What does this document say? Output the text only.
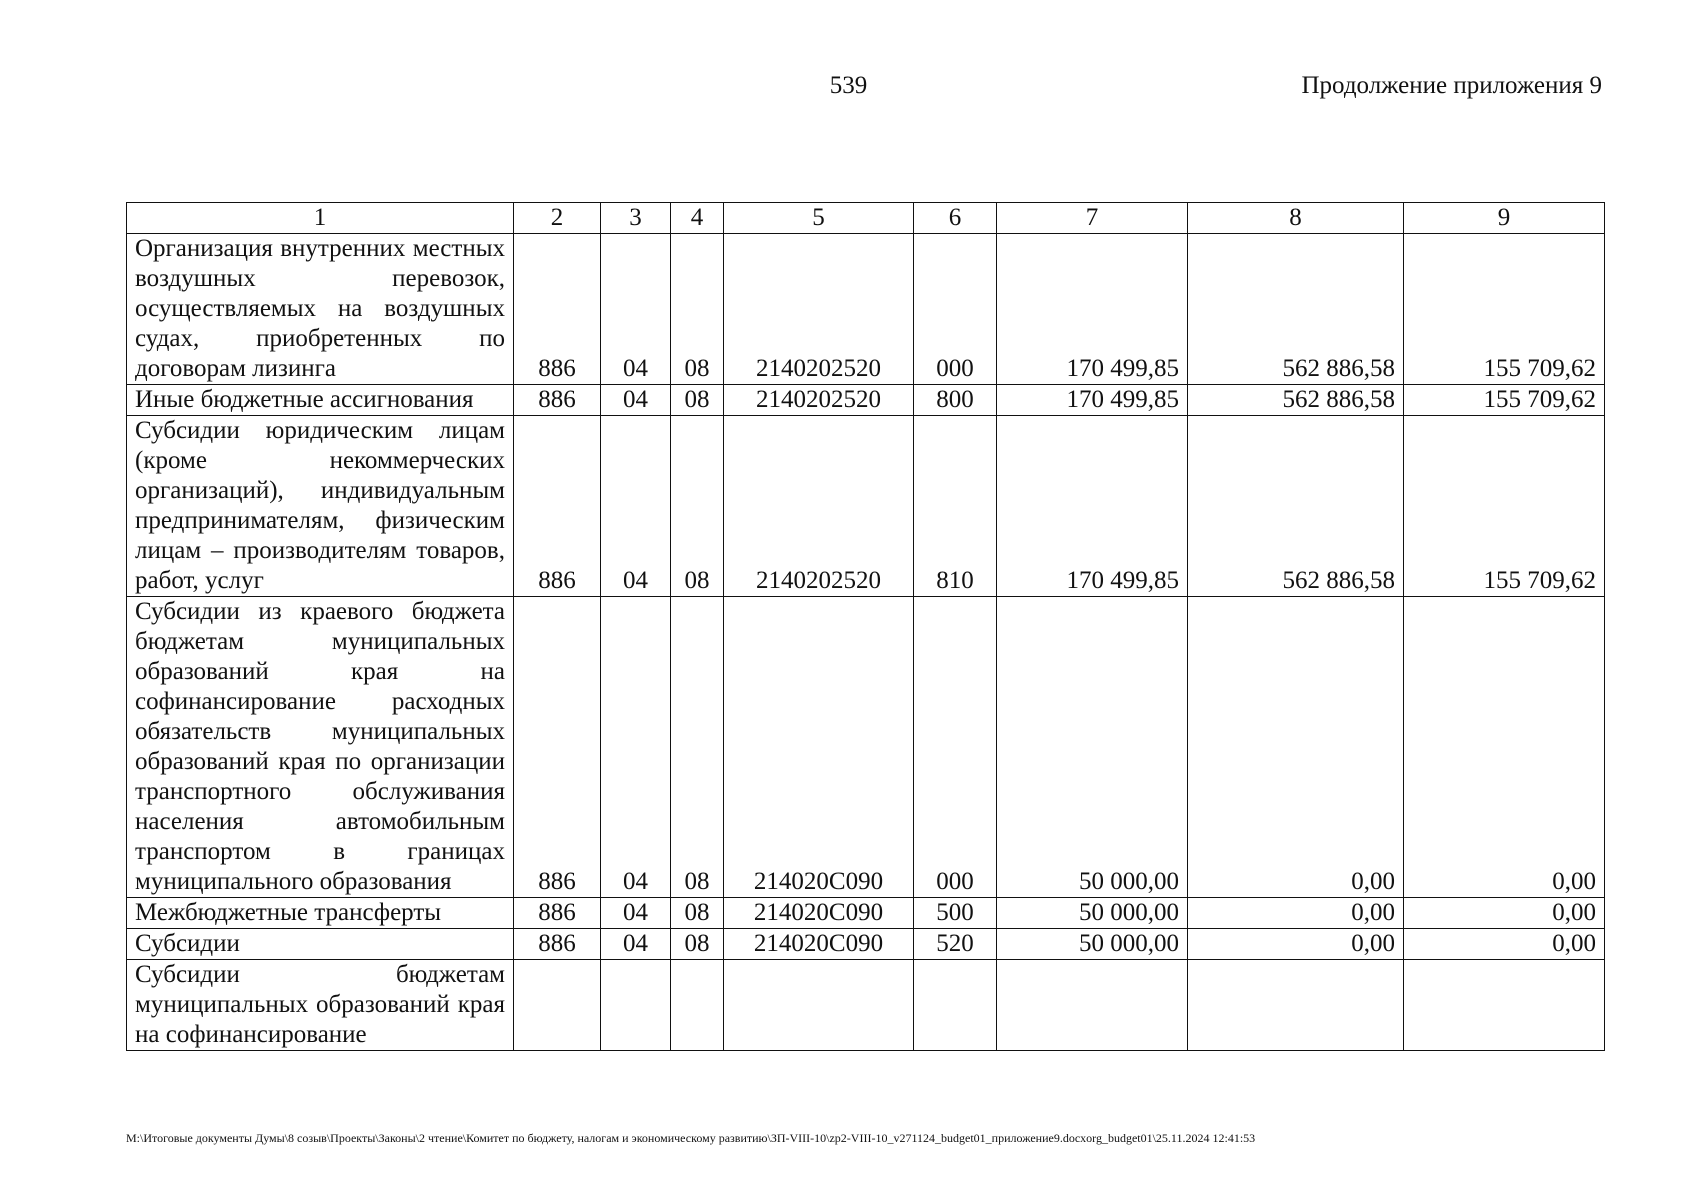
539	Продолжение приложения 9
1	2	3	4	5	6	7	8	9
Организация внутренних местных воздушных перевозок, осуществляемых на воздушных судах, приобретенных по договорам лизинга	886	04	08	2140202520	000	170 499,85	562 886,58	155 709,62
Иные бюджетные ассигнования	886	04	08	2140202520	800	170 499,85	562 886,58	155 709,62
Субсидии юридическим лицам (кроме некоммерческих организаций), индивидуальным предпринимателям, физическим лицам – производителям товаров, работ, услуг	886	04	08	2140202520	810	170 499,85	562 886,58	155 709,62
Субсидии из краевого бюджета бюджетам муниципальных образований края на софинансирование расходных обязательств муниципальных образований края по организации транспортного обслуживания населения автомобильным транспортом в границах муниципального образования	886	04	08	214020С090	000	50 000,00	0,00	0,00
Межбюджетные трансферты	886	04	08	214020С090	500	50 000,00	0,00	0,00
Субсидии	886	04	08	214020С090	520	50 000,00	0,00	0,00
Субсидии бюджетам муниципальных образований края на софинансирование								
M:\Итоговые документы Думы\8 созыв\Проекты\Законы\2 чтение\Комитет по бюджету, налогам и экономическому развитию\ЗП-VIII-10\zp2-VIII-10_v271124_budget01_приложение9.docxorg_budget01\25.11.2024 12:41:53
